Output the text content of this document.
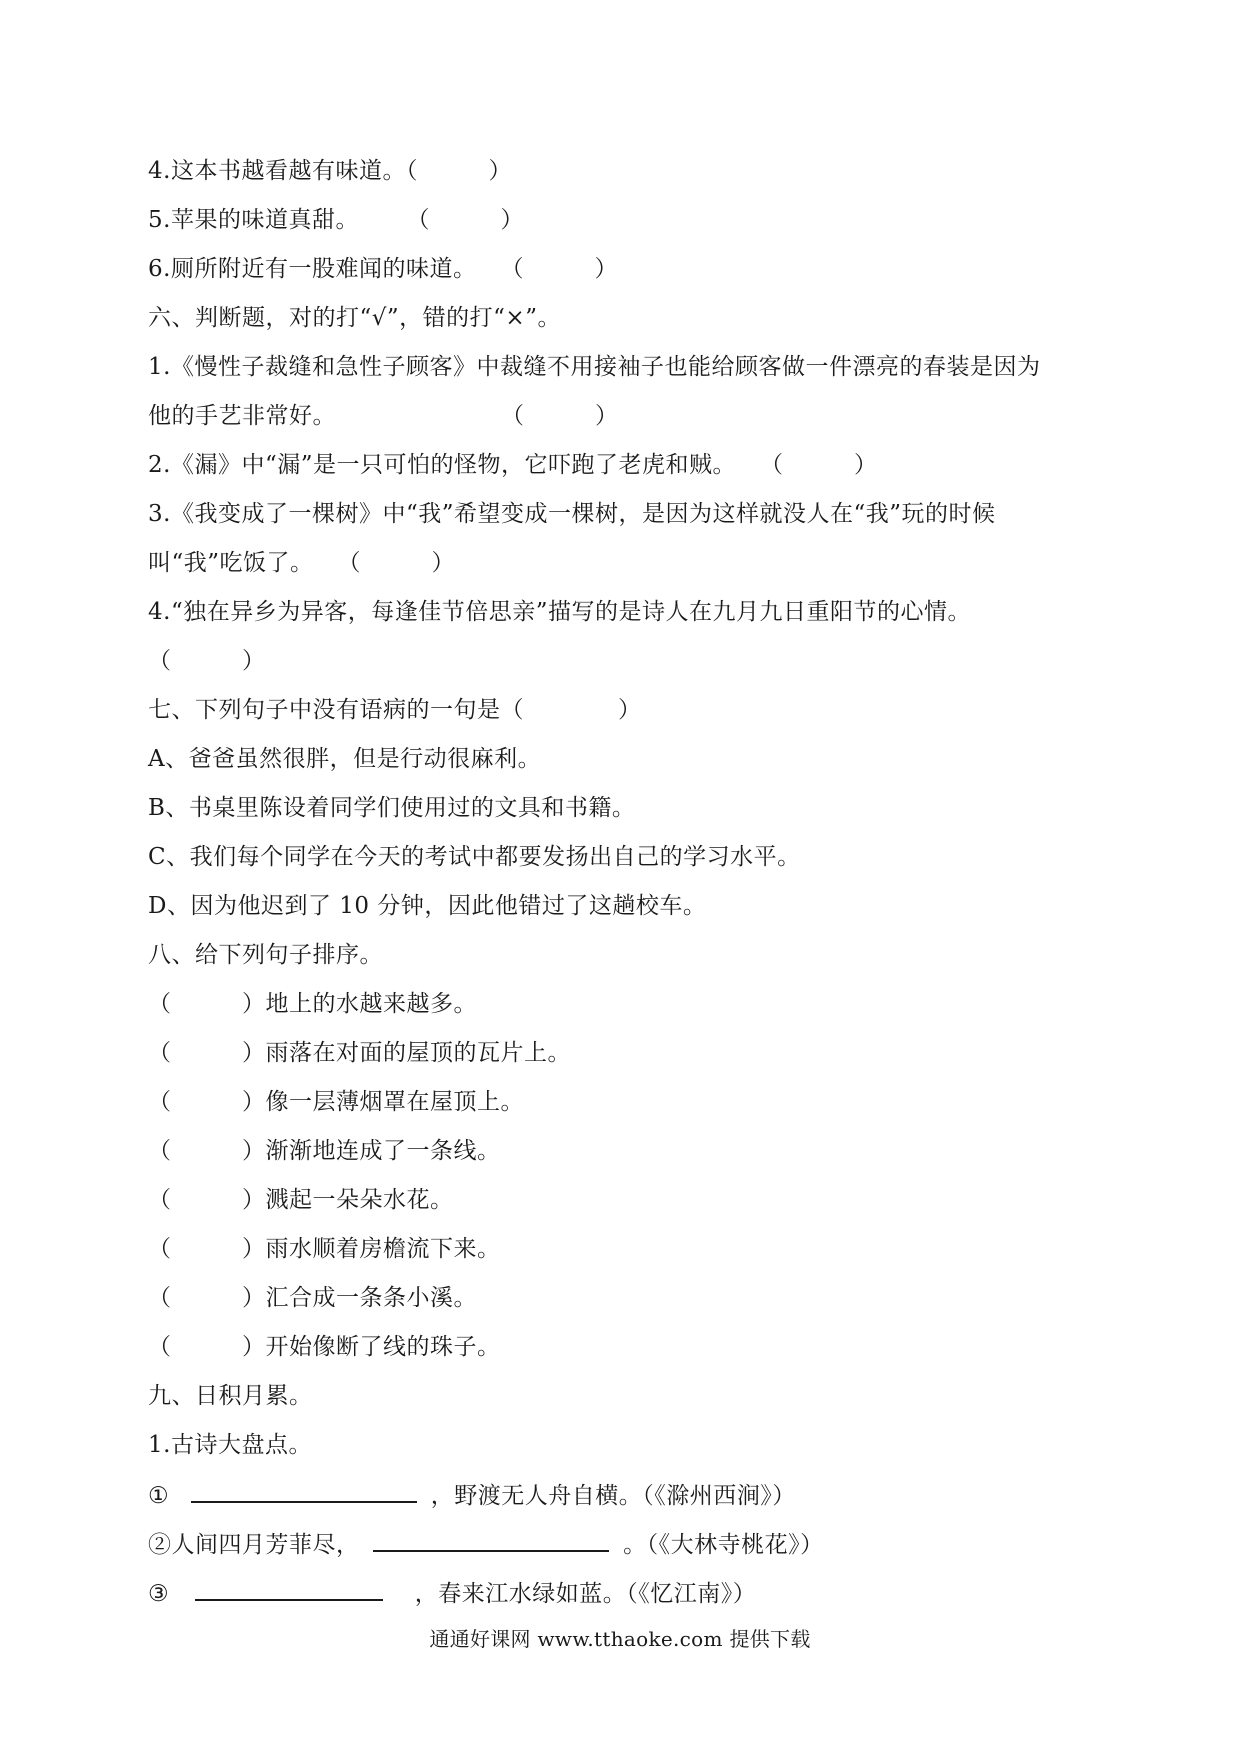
4.这本书越看越有味道。（　　　）
5.苹果的味道真甜。　　　（　　　）
6.厕所附近有一股难闻的味道。　　（　　　）
六、判断题，对的打“√”，错的打“×”。
1.《慢性子裁缝和急性子顾客》中裁缝不用接袖子也能给顾客做一件漂亮的春装是因为
他的手艺非常好。　　　　　　　　（　　　）
2.《漏》中“漏”是一只可怕的怪物，它吓跑了老虎和贼。　　（　　　）
3.《我变成了一棵树》中“我”希望变成一棵树，是因为这样就没人在“我”玩的时候
叫“我”吃饭了。　　（　　　）
4.“独在异乡为异客，每逢佳节倍思亲”描写的是诗人在九月九日重阳节的心情。
（　　　）
七、下列句子中没有语病的一句是（　　　　）
A、爸爸虽然很胖，但是行动很麻利。
B、书桌里陈设着同学们使用过的文具和书籍。
C、我们每个同学在今天的考试中都要发扬出自己的学习水平。
D、因为他迟到了 10 分钟，因此他错过了这趟校车。
八、给下列句子排序。
（　　　）地上的水越来越多。
（　　　）雨落在对面的屋顶的瓦片上。
（　　　）像一层薄烟罩在屋顶上。
（　　　）渐渐地连成了一条线。
（　　　）溅起一朵朵水花。
（　　　）雨水顺着房檐流下来。
（　　　）汇合成一条条小溪。
（　　　）开始像断了线的珠子。
九、日积月累。
1.古诗大盘点。
①	，野渡无人舟自横。（《滁州西涧》）
②人间四月芳菲尽，	。（《大林寺桃花》）
③	，春来江水绿如蓝。（《忆江南》）
通通好课网 www.tthaoke.com 提供下载
